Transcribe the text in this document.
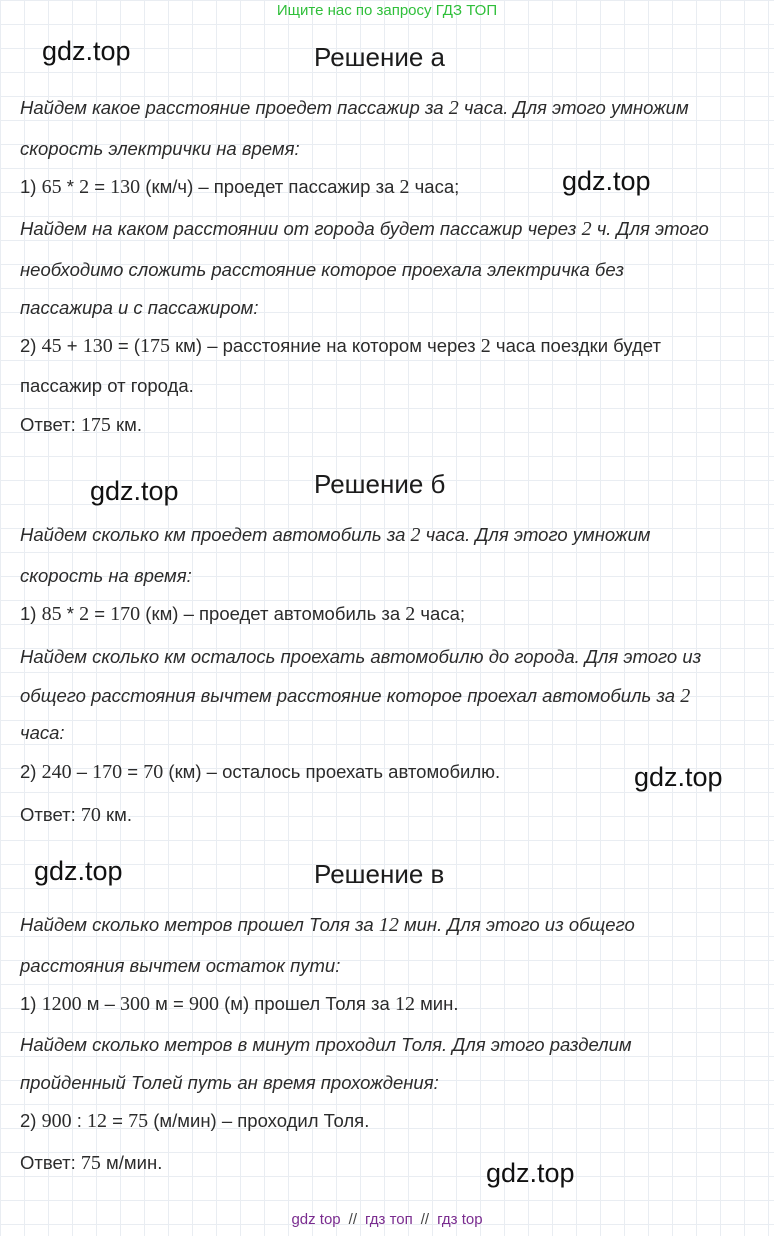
Ищите нас по запросу ГДЗ ТОП
gdz.top
gdz.top
gdz.top
gdz.top
gdz.top
gdz.top
Решение а
Решение б
Решение в
Найдем какое расстояние проедет пассажир за 2 часа. Для этого умножим
скорость электрички на время:
1) 65 * 2 = 130 (км/ч) – проедет пассажир за 2 часа;
Найдем на каком расстоянии от города будет пассажир через 2 ч. Для этого
необходимо сложить расстояние которое проехала электричка без
пассажира и с пассажиром:
2) 45 + 130 = (175 км) – расстояние на котором через 2 часа поездки будет
пассажир от города.
Ответ: 175 км.
Найдем сколько км проедет автомобиль за 2 часа. Для этого умножим
скорость на время:
1) 85 * 2 = 170 (км) – проедет автомобиль за 2 часа;
Найдем сколько км осталось проехать автомобилю до города. Для этого из
общего расстояния вычтем расстояние которое проехал автомобиль за 2
часа:
2) 240 – 170 = 70 (км) – осталось проехать автомобилю.
Ответ: 70 км.
Найдем сколько метров прошел Толя за 12 мин. Для этого из общего
расстояния вычтем остаток пути:
1) 1200 м – 300 м = 900 (м) прошел Толя за 12 мин.
Найдем сколько метров в минут проходил Толя. Для этого разделим
пройденный Толей путь ан время прохождения:
2) 900 : 12 = 75 (м/мин) – проходил Толя.
Ответ: 75 м/мин.
gdz top // гдз топ // гдз top
